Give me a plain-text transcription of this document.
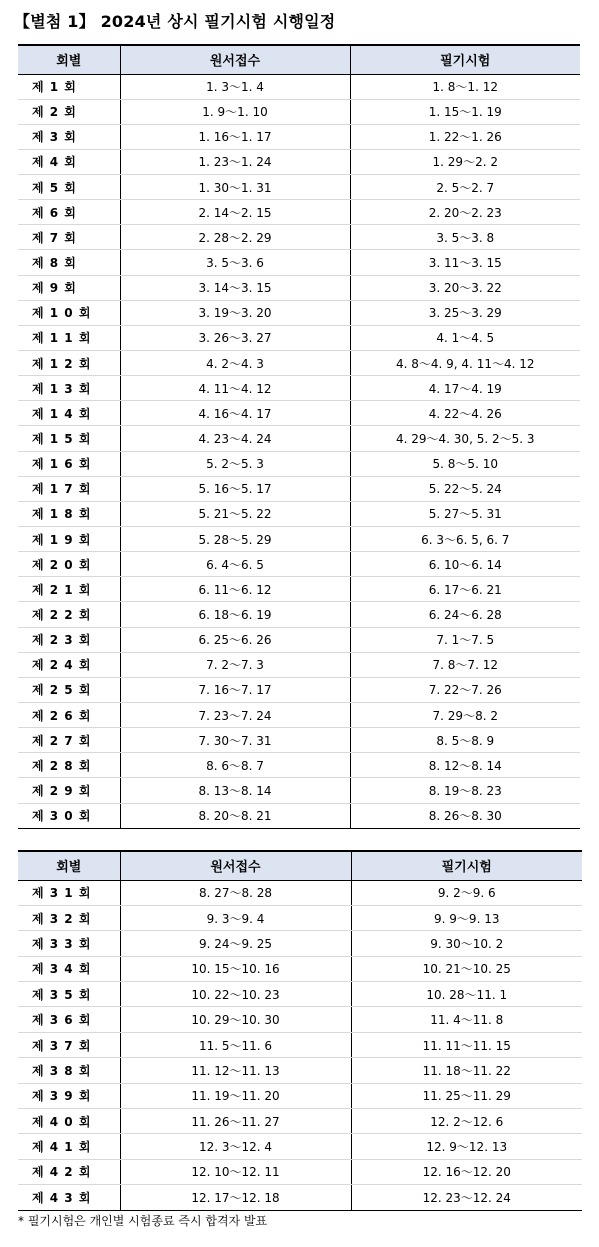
【별첨 1】 2024년 상시 필기시험 시행일정
회별	원서접수	필기시험
제 1 회	1. 3～1. 4	1. 8～1. 12
제 2 회	1. 9～1. 10	1. 15～1. 19
제 3 회	1. 16～1. 17	1. 22～1. 26
제 4 회	1. 23～1. 24	1. 29～2. 2
제 5 회	1. 30～1. 31	2. 5～2. 7
제 6 회	2. 14～2. 15	2. 20～2. 23
제 7 회	2. 28～2. 29	3. 5～3. 8
제 8 회	3. 5～3. 6	3. 11～3. 15
제 9 회	3. 14～3. 15	3. 20～3. 22
제 1 0 회	3. 19～3. 20	3. 25～3. 29
제 1 1 회	3. 26～3. 27	4. 1～4. 5
제 1 2 회	4. 2～4. 3	4. 8～4. 9, 4. 11～4. 12
제 1 3 회	4. 11～4. 12	4. 17～4. 19
제 1 4 회	4. 16～4. 17	4. 22～4. 26
제 1 5 회	4. 23～4. 24	4. 29～4. 30, 5. 2～5. 3
제 1 6 회	5. 2～5. 3	5. 8～5. 10
제 1 7 회	5. 16～5. 17	5. 22～5. 24
제 1 8 회	5. 21～5. 22	5. 27～5. 31
제 1 9 회	5. 28～5. 29	6. 3～6. 5, 6. 7
제 2 0 회	6. 4～6. 5	6. 10～6. 14
제 2 1 회	6. 11～6. 12	6. 17～6. 21
제 2 2 회	6. 18～6. 19	6. 24～6. 28
제 2 3 회	6. 25～6. 26	7. 1～7. 5
제 2 4 회	7. 2～7. 3	7. 8～7. 12
제 2 5 회	7. 16～7. 17	7. 22～7. 26
제 2 6 회	7. 23～7. 24	7. 29～8. 2
제 2 7 회	7. 30～7. 31	8. 5～8. 9
제 2 8 회	8. 6～8. 7	8. 12～8. 14
제 2 9 회	8. 13～8. 14	8. 19～8. 23
제 3 0 회	8. 20～8. 21	8. 26～8. 30
회별	원서접수	필기시험
제 3 1 회	8. 27～8. 28	9. 2～9. 6
제 3 2 회	9. 3～9. 4	9. 9～9. 13
제 3 3 회	9. 24～9. 25	9. 30～10. 2
제 3 4 회	10. 15～10. 16	10. 21～10. 25
제 3 5 회	10. 22～10. 23	10. 28～11. 1
제 3 6 회	10. 29～10. 30	11. 4～11. 8
제 3 7 회	11. 5～11. 6	11. 11～11. 15
제 3 8 회	11. 12～11. 13	11. 18～11. 22
제 3 9 회	11. 19～11. 20	11. 25～11. 29
제 4 0 회	11. 26～11. 27	12. 2～12. 6
제 4 1 회	12. 3～12. 4	12. 9～12. 13
제 4 2 회	12. 10～12. 11	12. 16～12. 20
제 4 3 회	12. 17～12. 18	12. 23～12. 24
* 필기시험은 개인별 시험종료 즉시 합격자 발표
